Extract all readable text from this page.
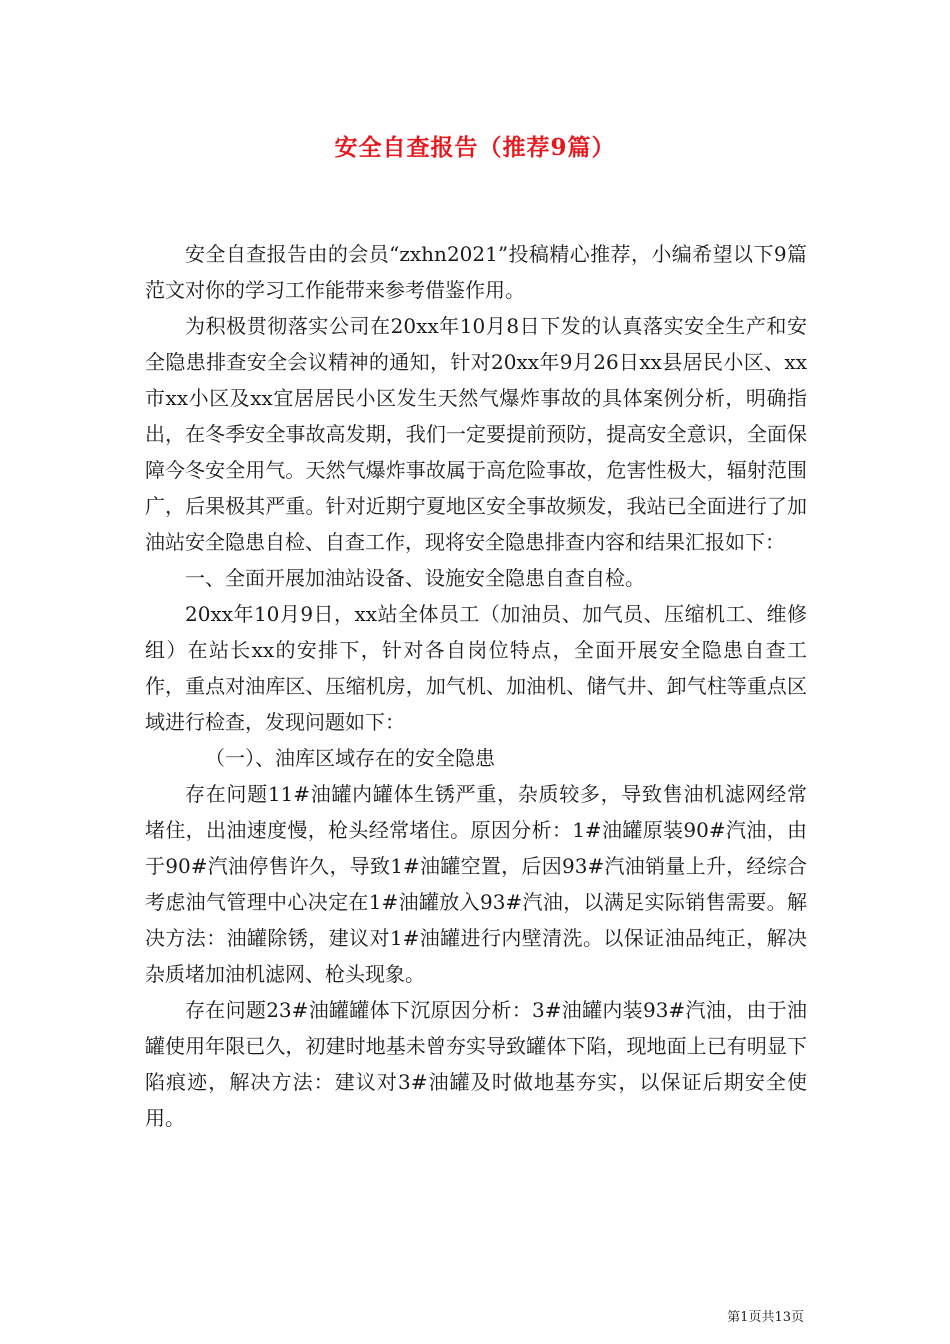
安全自查报告（推荐9篇）

安全自查报告由的会员“zxhn2021”投稿精心推荐，小编希望以下9篇范文对你的学习工作能带来参考借鉴作用。

为积极贯彻落实公司在20xx年10月8日下发的认真落实安全生产和安全隐患排查安全会议精神的通知，针对20xx年9月26日xx县居民小区、xx市xx小区及xx宜居居民小区发生天然气爆炸事故的具体案例分析，明确指出，在冬季安全事故高发期，我们一定要提前预防，提高安全意识，全面保障今冬安全用气。天然气爆炸事故属于高危险事故，危害性极大，辐射范围广，后果极其严重。针对近期宁夏地区安全事故频发，我站已全面进行了加油站安全隐患自检、自查工作，现将安全隐患排查内容和结果汇报如下：

一、全面开展加油站设备、设施安全隐患自查自检。

20xx年10月9日，xx站全体员工（加油员、加气员、压缩机工、维修组）在站长xx的安排下，针对各自岗位特点，全面开展安全隐患自查工作，重点对油库区、压缩机房，加气机、加油机、储气井、卸气柱等重点区域进行检查，发现问题如下：

（一）、油库区域存在的安全隐患

存在问题11#油罐内罐体生锈严重，杂质较多，导致售油机滤网经常堵住，出油速度慢，枪头经常堵住。原因分析：1#油罐原装90#汽油，由于90#汽油停售许久，导致1#油罐空置，后因93#汽油销量上升，经综合考虑油气管理中心决定在1#油罐放入93#汽油，以满足实际销售需要。解决方法：油罐除锈，建议对1#油罐进行内壁清洗。以保证油品纯正，解决杂质堵加油机滤网、枪头现象。

存在问题23#油罐罐体下沉原因分析：3#油罐内装93#汽油，由于油罐使用年限已久，初建时地基未曾夯实导致罐体下陷，现地面上已有明显下陷痕迹，解决方法：建议对3#油罐及时做地基夯实，以保证后期安全使用。

第1页共13页
